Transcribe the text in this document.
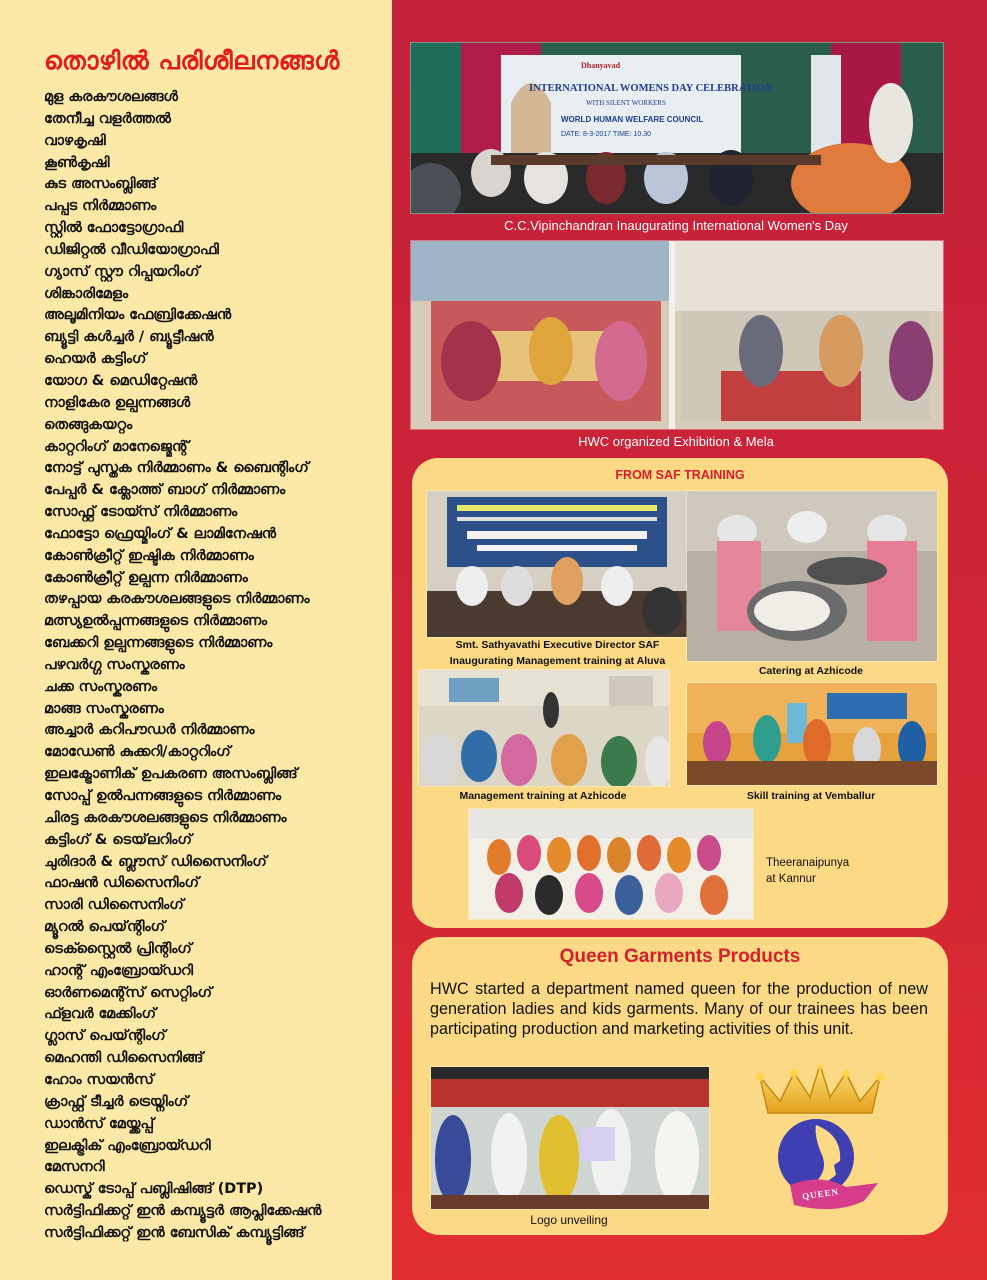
തൊഴിൽ പരിശീലനങ്ങൾ
മുള കരകൗശലങ്ങൾ
തേനീച്ച വളർത്തൽ
വാഴകൃഷി
കൂൺകൃഷി
കുട അസംബ്ലിങ്ങ്
പപ്പട നിർമ്മാണം
സ്റ്റിൽ ഫോട്ടോഗ്രാഫി
ഡിജിറ്റൽ വീഡിയോഗ്രാഫി
ഗ്യാസ് സ്റ്റൗ റിപ്പയറിംഗ്
ശിങ്കാരിമേളം
അലൂമിനിയം ഫേബ്രിക്കേഷൻ
ബ്യൂട്ടി കൾച്ചർ / ബ്യൂട്ടീഷൻ
ഹെയർ കട്ടിംഗ്
യോഗ & മെഡിറ്റേഷൻ
നാളികേര ഉല്പന്നങ്ങൾ
തെങ്ങുകയറ്റം
കാറ്ററിംഗ് മാനേജ്മെന്റ്
നോട്ട് പുസ്തക നിർമ്മാണം & ബൈന്റിംഗ്
പേപ്പർ & ക്ലോത്ത് ബാഗ് നിർമ്മാണം
സോഫ്റ്റ് ടോയ്സ് നിർമ്മാണം
ഫോട്ടോ ഫ്രെയ്മിംഗ് & ലാമിനേഷൻ
കോൺക്രീറ്റ് ഇഷ്ടിക നിർമ്മാണം
കോൺക്രീറ്റ് ഉല്പന്ന നിർമ്മാണം
തഴപ്പായ കരകൗശലങ്ങളുടെ നിർമ്മാണം
മത്സ്യഉൽപ്പന്നങ്ങളുടെ നിർമ്മാണം
ബേക്കറി ഉല്പന്നങ്ങളുടെ നിർമ്മാണം
പഴവർഗ്ഗ സംസ്കരണം
ചക്ക സംസ്കരണം
മാങ്ങ സംസ്കരണം
അച്ചാർ കറിപൗഡർ നിർമ്മാണം
മോഡേൺ കുക്കറി/കാറ്ററിംഗ്
ഇലക്ട്രോണിക് ഉപകരണ അസംബ്ലിങ്ങ്
സോപ്പ് ഉൽപന്നങ്ങളുടെ നിർമ്മാണം
ചിരട്ട കരകൗശലങ്ങളുടെ നിർമ്മാണം
കട്ടിംഗ് & ടെയ്‌ലറിംഗ്
ചുരിദാർ & ബ്ലൗസ് ഡിസൈനിംഗ്
ഫാഷൻ ഡിസൈനിംഗ്
സാരി ഡിസൈനിംഗ്
മ്യൂറൽ പെയ്ന്റിംഗ്
ടെക്സ്റ്റൈൽ പ്രിന്റിംഗ്
ഹാന്റ് എംബ്രോയ്ഡറി
ഓർണമെന്റ്സ് സെറ്റിംഗ്
ഫ്ളവർ മേക്കിംഗ്
ഗ്ലാസ് പെയ്ന്റിംഗ്
മെഹന്തി ഡിസൈനിങ്ങ്
ഹോം സയൻസ്
ക്രാഫ്റ്റ് ടീച്ചർ ട്രെയ്നിംഗ്
ഡാൻസ് മേയ്ക്കപ്പ്
ഇലക്ട്രിക് എംബ്രോയ്ഡറി
മേസനറി
ഡെസ്ക് ടോപ്പ് പബ്ലിഷിങ്ങ് (DTP)
സർട്ടിഫിക്കറ്റ് ഇൻ കമ്പ്യൂട്ടർ ആപ്ലിക്കേഷൻ
സർട്ടിഫിക്കറ്റ് ഇൻ ബേസിക് കമ്പ്യൂട്ടിങ്ങ്
Dhanyavad
INTERNATIONAL WOMENS DAY CELEBRATION
WITH SILENT WORKERS
WORLD HUMAN WELFARE COUNCIL
DATE: 8-3-2017 TIME: 10.30
C.C.Vipinchandran Inaugurating International Women's Day
HWC organized Exhibition & Mela
FROM SAF TRAINING
Smt. Sathyavathi Executive Director SAF
Inaugurating Management training at Aluva
Catering at Azhicode
Management training at Azhicode	Skill training at Vemballur
Theeranaipunya
at Kannur
Queen Garments Products
HWC started a department named queen for the production of new generation ladies and kids garments. Many of our trainees has been participating production and marketing activities of this unit.
Logo unveiling
QUEEN
